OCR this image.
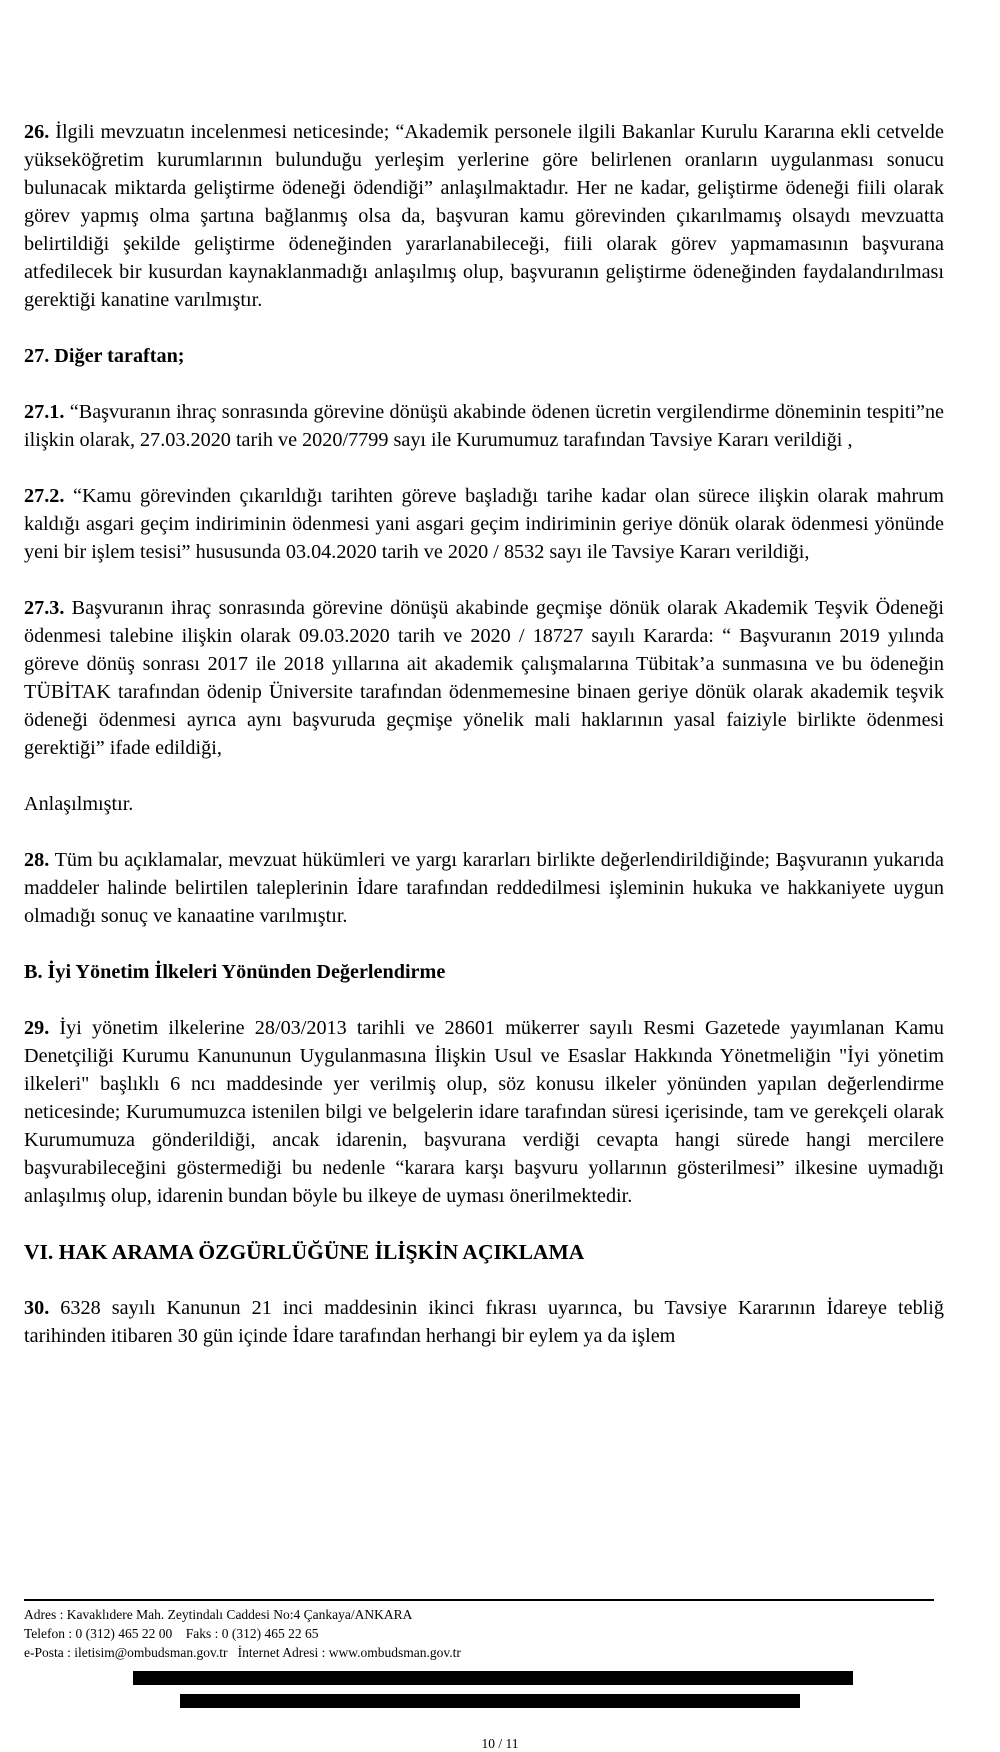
26. İlgili mevzuatın incelenmesi neticesinde; “Akademik personele ilgili Bakanlar Kurulu Kararına ekli cetvelde yükseköğretim kurumlarının bulunduğu yerleşim yerlerine göre belirlenen oranların uygulanması sonucu bulunacak miktarda geliştirme ödeneği ödendiği” anlaşılmaktadır. Her ne kadar, geliştirme ödeneği fiili olarak görev yapmış olma şartına bağlanmış olsa da, başvuran kamu görevinden çıkarılmamış olsaydı mevzuatta belirtildiği şekilde geliştirme ödeneğinden yararlanabileceği, fiili olarak görev yapmamasının başvurana atfedilecek bir kusurdan kaynaklanmadığı anlaşılmış olup, başvuranın geliştirme ödeneğinden faydalandırılması gerektiği kanatine varılmıştır.

27. Diğer taraftan;

27.1. “Başvuranın ihraç sonrasında görevine dönüşü akabinde ödenen ücretin vergilendirme döneminin tespiti”ne ilişkin olarak, 27.03.2020 tarih ve 2020/7799 sayı ile Kurumumuz tarafından Tavsiye Kararı verildiği ,

27.2. “Kamu görevinden çıkarıldığı tarihten göreve başladığı tarihe kadar olan sürece ilişkin olarak mahrum kaldığı asgari geçim indiriminin ödenmesi yani asgari geçim indiriminin geriye dönük olarak ödenmesi yönünde yeni bir işlem tesisi” hususunda 03.04.2020 tarih ve 2020 / 8532 sayı ile Tavsiye Kararı verildiği,

27.3. Başvuranın ihraç sonrasında görevine dönüşü akabinde geçmişe dönük olarak Akademik Teşvik Ödeneği ödenmesi talebine ilişkin olarak 09.03.2020 tarih ve 2020 / 18727 sayılı Kararda: “ Başvuranın 2019 yılında göreve dönüş sonrası 2017 ile 2018 yıllarına ait akademik çalışmalarına Tübitak’a sunmasına ve bu ödeneğin TÜBİTAK tarafından ödenip Üniversite tarafından ödenmemesine binaen geriye dönük olarak akademik teşvik ödeneği ödenmesi ayrıca aynı başvuruda geçmişe yönelik mali haklarının yasal faiziyle birlikte ödenmesi gerektiği” ifade edildiği,

Anlaşılmıştır.

28. Tüm bu açıklamalar, mevzuat hükümleri ve yargı kararları birlikte değerlendirildiğinde; Başvuranın yukarıda maddeler halinde belirtilen taleplerinin İdare tarafından reddedilmesi işleminin hukuka ve hakkaniyete uygun olmadığı sonuç ve kanaatine varılmıştır.

B. İyi Yönetim İlkeleri Yönünden Değerlendirme

29. İyi yönetim ilkelerine 28/03/2013 tarihli ve 28601 mükerrer sayılı Resmi Gazetede yayımlanan Kamu Denetçiliği Kurumu Kanununun Uygulanmasına İlişkin Usul ve Esaslar Hakkında Yönetmeliğin "İyi yönetim ilkeleri" başlıklı 6 ncı maddesinde yer verilmiş olup, söz konusu ilkeler yönünden yapılan değerlendirme neticesinde; Kurumumuzca istenilen bilgi ve belgelerin idare tarafından süresi içerisinde, tam ve gerekçeli olarak Kurumumuza gönderildiği, ancak idarenin, başvurana verdiği cevapta hangi sürede hangi mercilere başvurabileceğini göstermediği bu nedenle “karara karşı başvuru yollarının gösterilmesi” ilkesine uymadığı anlaşılmış olup, idarenin bundan böyle bu ilkeye de uyması önerilmektedir.

VI. HAK ARAMA ÖZGÜRLÜĞÜNE İLİŞKİN AÇIKLAMA

30. 6328 sayılı Kanunun 21 inci maddesinin ikinci fıkrası uyarınca, bu Tavsiye Kararının İdareye tebliğ tarihinden itibaren 30 gün içinde İdare tarafından herhangi bir eylem ya da işlem

Adres : Kavaklıdere Mah. Zeytindalı Caddesi No:4 Çankaya/ANKARA
Telefon : 0 (312) 465 22 00    Faks : 0 (312) 465 22 65
e-Posta : iletisim@ombudsman.gov.tr   İnternet Adresi : www.ombudsman.gov.tr
10 / 11
